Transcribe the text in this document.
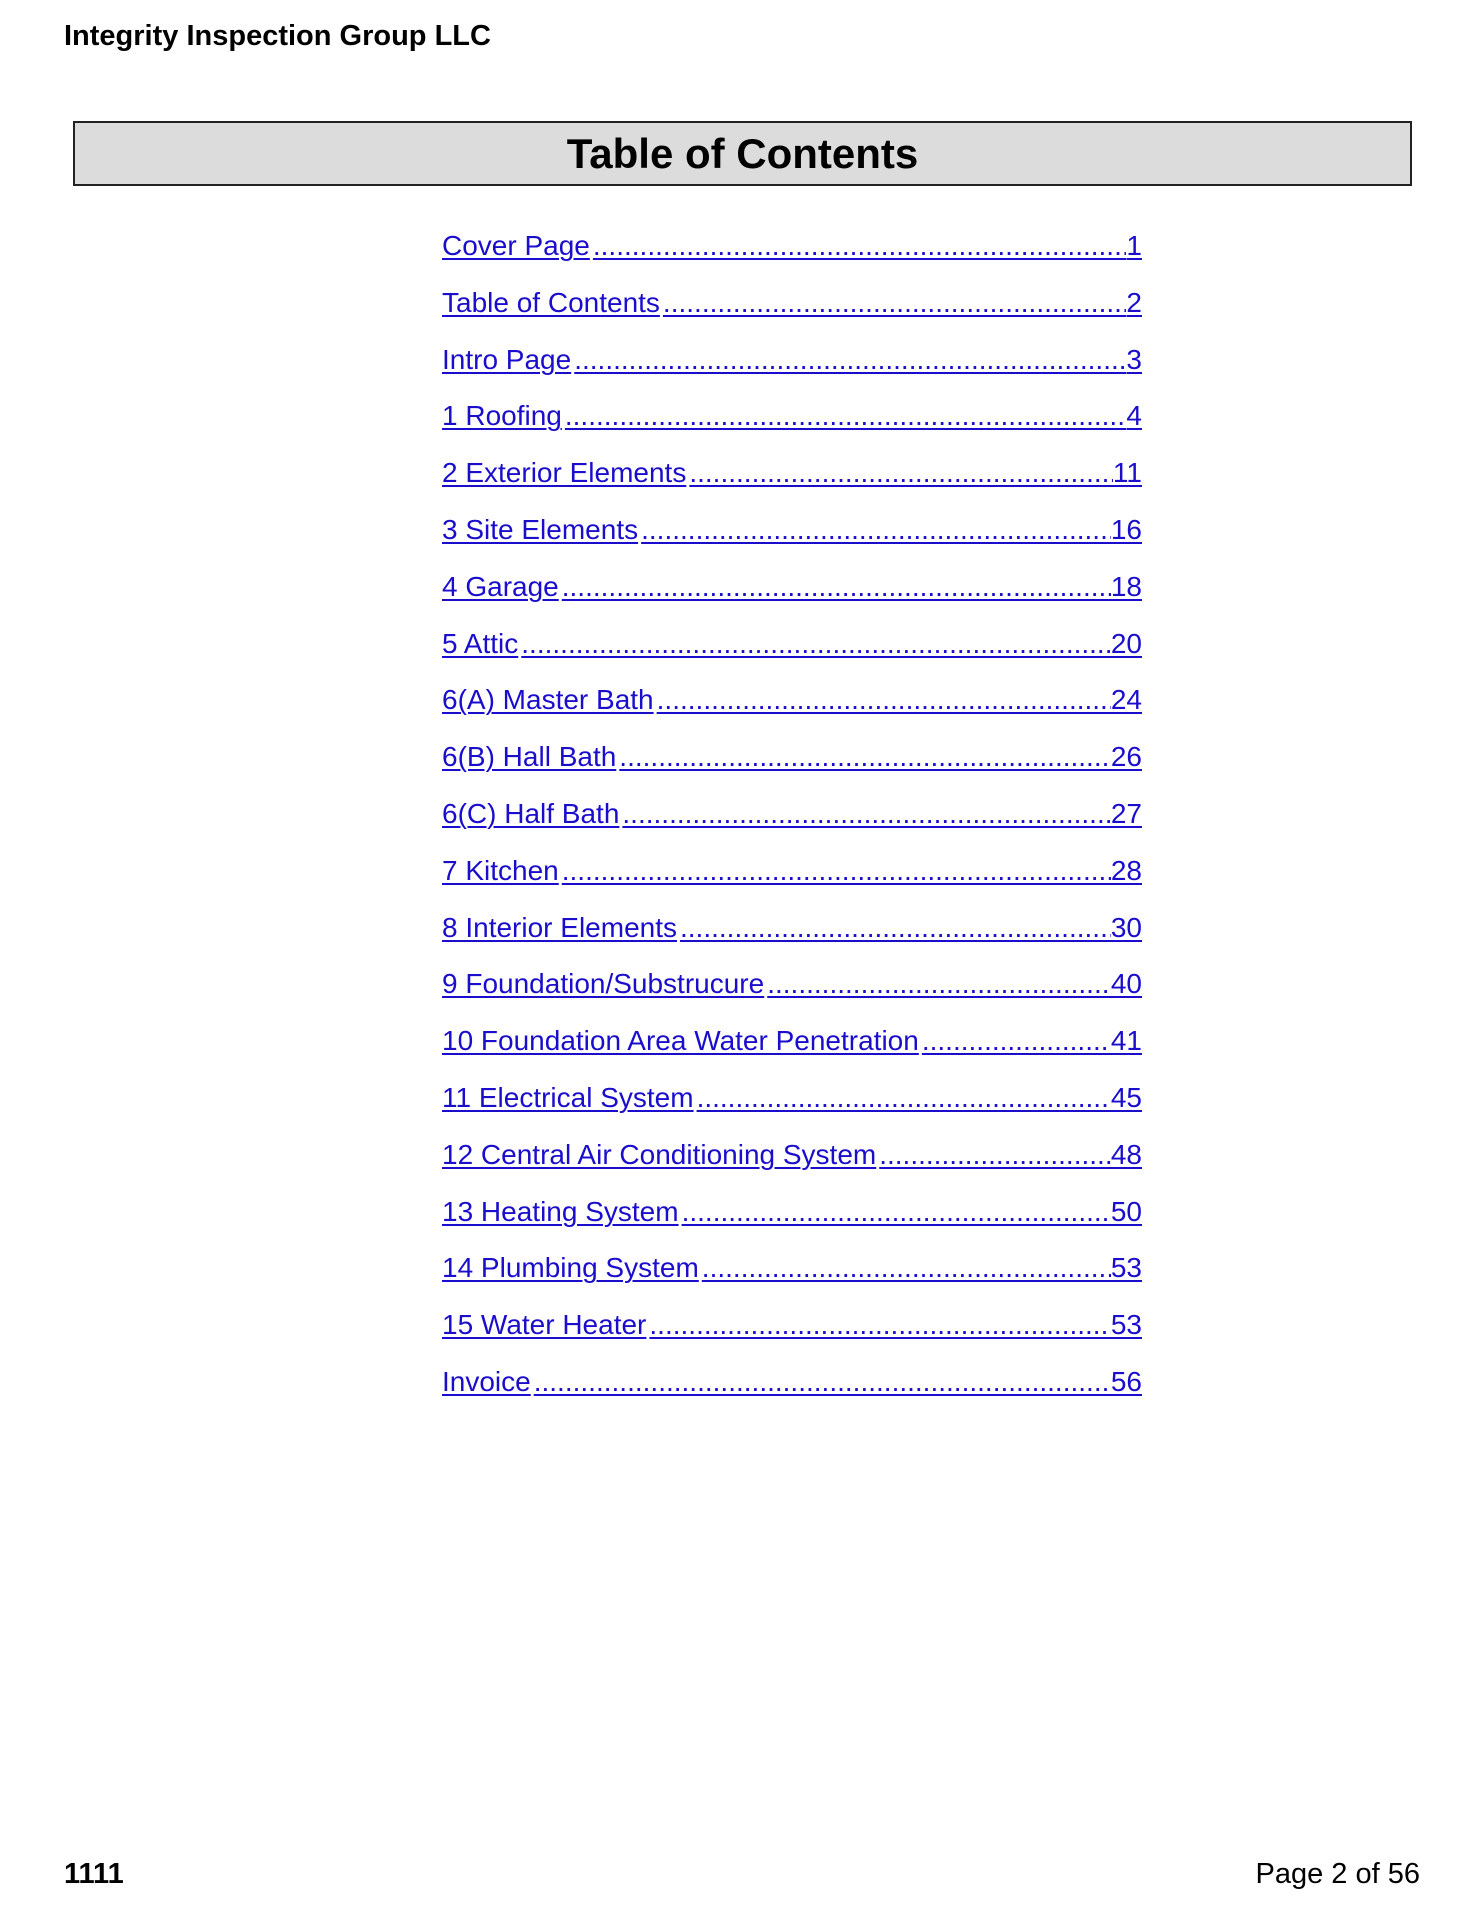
Integrity Inspection Group LLC
Table of Contents
Cover Page .....	1
Table of Contents .....	2
Intro Page .....	3
1 Roofing .....	4
2 Exterior Elements .....	11
3 Site Elements .....	16
4 Garage .....	18
5 Attic .....	20
6(A) Master Bath .....	24
6(B) Hall Bath .....	26
6(C) Half Bath .....	27
7 Kitchen .....	28
8 Interior Elements .....	30
9 Foundation/Substrucure .....	40
10 Foundation Area Water Penetration .....	41
11 Electrical System .....	45
12 Central Air Conditioning System .....	48
13 Heating System .....	50
14 Plumbing System .....	53
15 Water Heater .....	53
Invoice .....	56
1111	Page 2 of 56
